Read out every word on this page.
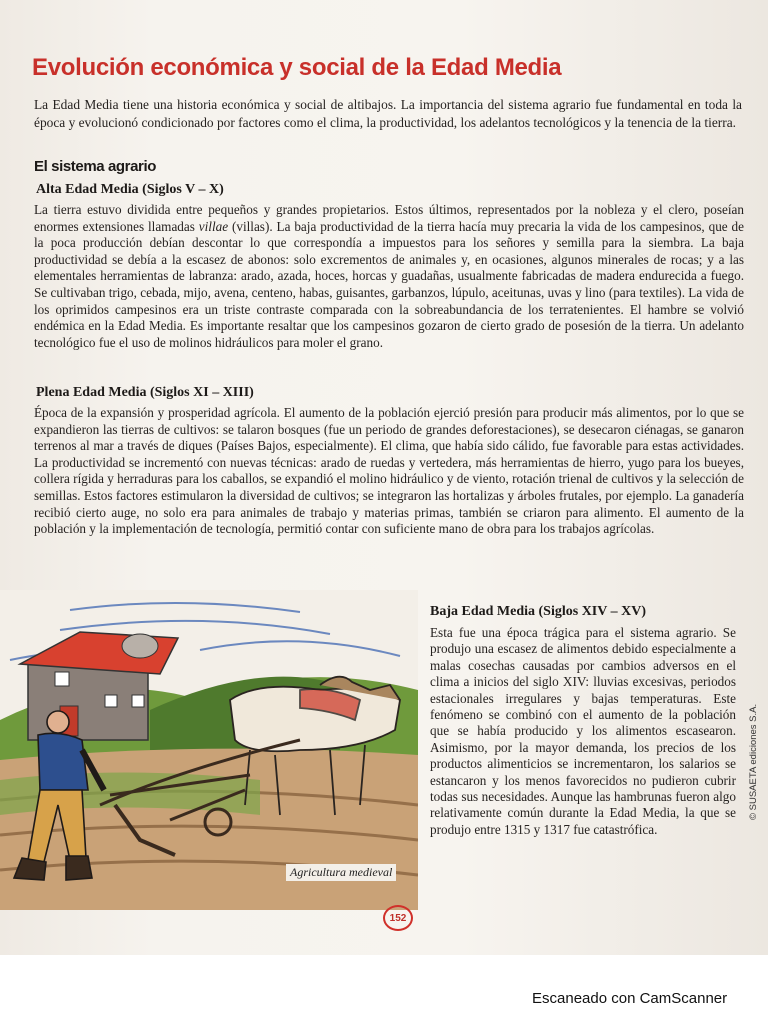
Evolución económica y social de la Edad Media

La Edad Media tiene una historia económica y social de altibajos. La importancia del sistema agrario fue fundamental en toda la época y evolucionó condicionado por factores como el clima, la productividad, los adelantos tecnológicos y la tenencia de la tierra.

El sistema agrario
Alta Edad Media (Siglos V – X)

La tierra estuvo dividida entre pequeños y grandes propietarios. Estos últimos, representados por la nobleza y el clero, poseían enormes extensiones llamadas villae (villas). La baja productividad de la tierra hacía muy precaria la vida de los campesinos, que de la poca producción debían descontar lo que correspondía a impuestos para los señores y semilla para la siembra. La baja productividad se debía a la escasez de abonos: solo excrementos de animales y, en ocasiones, algunos minerales de rocas; y a las elementales herramientas de labranza: arado, azada, hoces, horcas y guadañas, usualmente fabricadas de madera endurecida a fuego. Se cultivaban trigo, cebada, mijo, avena, centeno, habas, guisantes, garbanzos, lúpulo, aceitunas, uvas y lino (para textiles). La vida de los oprimidos campesinos era un triste contraste comparada con la sobreabundancia de los terratenientes. El hambre se volvió endémica en la Edad Media. Es importante resaltar que los campesinos gozaron de cierto grado de posesión de la tierra. Un adelanto tecnológico fue el uso de molinos hidráulicos para moler el grano.

Plena Edad Media (Siglos XI – XIII)

Época de la expansión y prosperidad agrícola. El aumento de la población ejerció presión para producir más alimentos, por lo que se expandieron las tierras de cultivos: se talaron bosques (fue un periodo de grandes deforestaciones), se desecaron ciénagas, se ganaron terrenos al mar a través de diques (Países Bajos, especialmente). El clima, que había sido cálido, fue favorable para estas actividades. La productividad se incrementó con nuevas técnicas: arado de ruedas y vertedera, más herramientas de hierro, yugo para los bueyes, collera rígida y herraduras para los caballos, se expandió el molino hidráulico y de viento, rotación trienal de cultivos y la selección de semillas. Estos factores estimularon la diversidad de cultivos; se integraron las hortalizas y árboles frutales, por ejemplo. La ganadería recibió cierto auge, no solo era para animales de trabajo y materias primas, también se criaron para alimento. El aumento de la población y la implementación de tecnología, permitió contar con suficiente mano de obra para los trabajos agrícolas.

Agricultura medieval
Baja Edad Media (Siglos XIV – XV)

Esta fue una época trágica para el sistema agrario. Se produjo una escasez de alimentos debido especialmente a malas cosechas causadas por cambios adversos en el clima a inicios del siglo XIV: lluvias excesivas, periodos estacionales irregulares y bajas temperaturas. Este fenómeno se combinó con el aumento de la población que se había producido y los alimentos escasearon. Asimismo, por la mayor demanda, los precios de los productos alimenticios se incrementaron, los salarios se estancaron y los menos favorecidos no pudieron cubrir todas sus necesidades. Aunque las hambrunas fueron algo relativamente común durante la Edad Media, la que se produjo entre 1315 y 1317 fue catastrófica.

152
© SUSAETA ediciones S.A.
Escaneado con CamScanner
